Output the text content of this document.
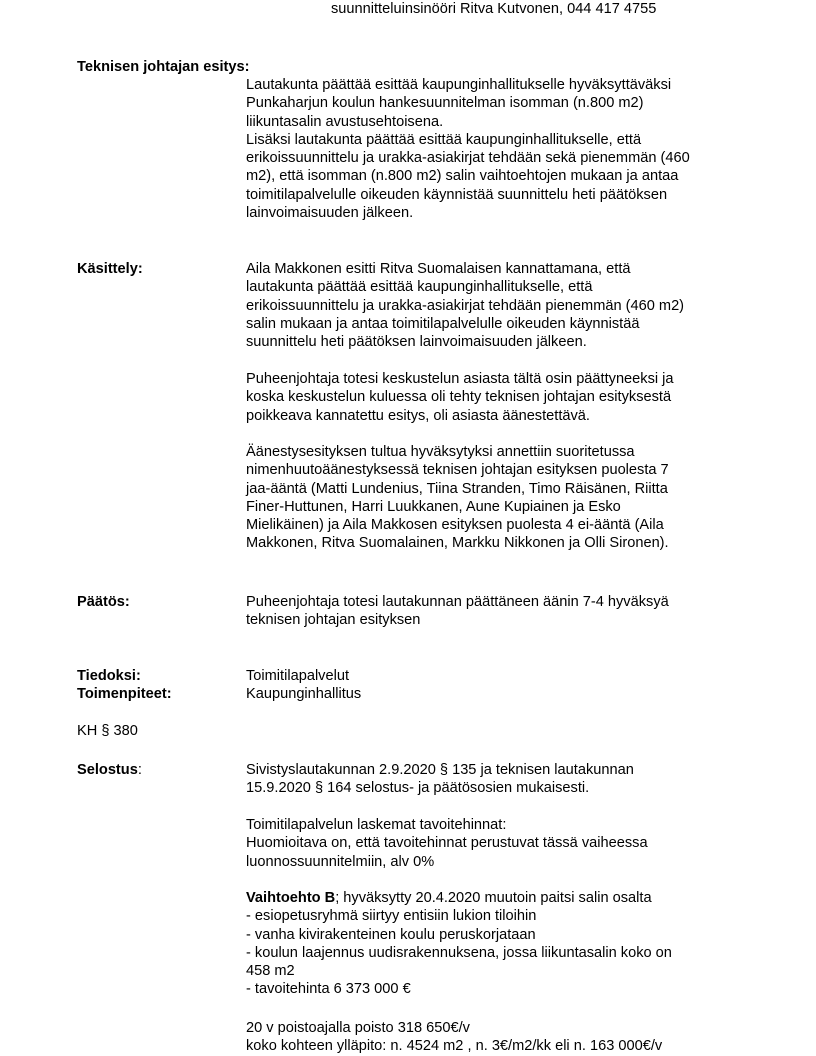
suunnitteluinsinööri Ritva Kutvonen, 044 417 4755
Teknisen johtajan esitys:
Lautakunta päättää esittää kaupunginhallitukselle hyväksyttäväksi
Punkaharjun koulun hankesuunnitelman isomman (n.800 m2)
liikuntasalin avustusehtoisena.
Lisäksi lautakunta päättää esittää kaupunginhallitukselle, että
erikoissuunnittelu ja urakka-asiakirjat tehdään sekä pienemmän (460
m2), että isomman (n.800 m2) salin vaihtoehtojen mukaan ja antaa
toimitilapalvelulle oikeuden käynnistää suunnittelu heti päätöksen
lainvoimaisuuden jälkeen.
Käsittely:	Aila Makkonen esitti Ritva Suomalaisen kannattamana, että
lautakunta päättää esittää kaupunginhallitukselle, että
erikoissuunnittelu ja urakka-asiakirjat tehdään pienemmän (460 m2)
salin mukaan ja antaa toimitilapalvelulle oikeuden käynnistää
suunnittelu heti päätöksen lainvoimaisuuden jälkeen.
Puheenjohtaja totesi keskustelun asiasta tältä osin päättyneeksi ja
koska keskustelun kuluessa oli tehty teknisen johtajan esityksestä
poikkeava kannatettu esitys, oli asiasta äänestettävä.
Äänestysesityksen tultua hyväksytyksi annettiin suoritetussa
nimenhuutoäänestyksessä teknisen johtajan esityksen puolesta 7
jaa-ääntä (Matti Lundenius, Tiina Stranden, Timo Räisänen, Riitta
Finer-Huttunen, Harri Luukkanen, Aune Kupiainen ja Esko
Mielikäinen) ja Aila Makkosen esityksen puolesta 4 ei-ääntä (Aila
Makkonen, Ritva Suomalainen, Markku Nikkonen ja Olli Sironen).
Päätös:	Puheenjohtaja totesi lautakunnan päättäneen äänin 7-4 hyväksyä
teknisen johtajan esityksen
Tiedoksi:	Toimitilapalvelut
Toimenpiteet:	Kaupunginhallitus
KH § 380
Selostus:	Sivistyslautakunnan 2.9.2020 § 135 ja teknisen lautakunnan
15.9.2020 § 164 selostus- ja päätösosien mukaisesti.
Toimitilapalvelun laskemat tavoitehinnat:
Huomioitava on, että tavoitehinnat perustuvat tässä vaiheessa
luonnossuunnitelmiin, alv 0%
Vaihtoehto B; hyväksytty 20.4.2020 muutoin paitsi salin osalta
- esiopetusryhmä siirtyy entisiin lukion tiloihin
- vanha kivirakenteinen koulu peruskorjataan
- koulun laajennus uudisrakennuksena, jossa liikuntasalin koko on
458 m2
- tavoitehinta 6 373 000 €
20 v poistoajalla poisto 318 650€/v
koko kohteen ylläpito: n. 4524 m2 , n. 3€/m2/kk eli n. 163 000€/v
